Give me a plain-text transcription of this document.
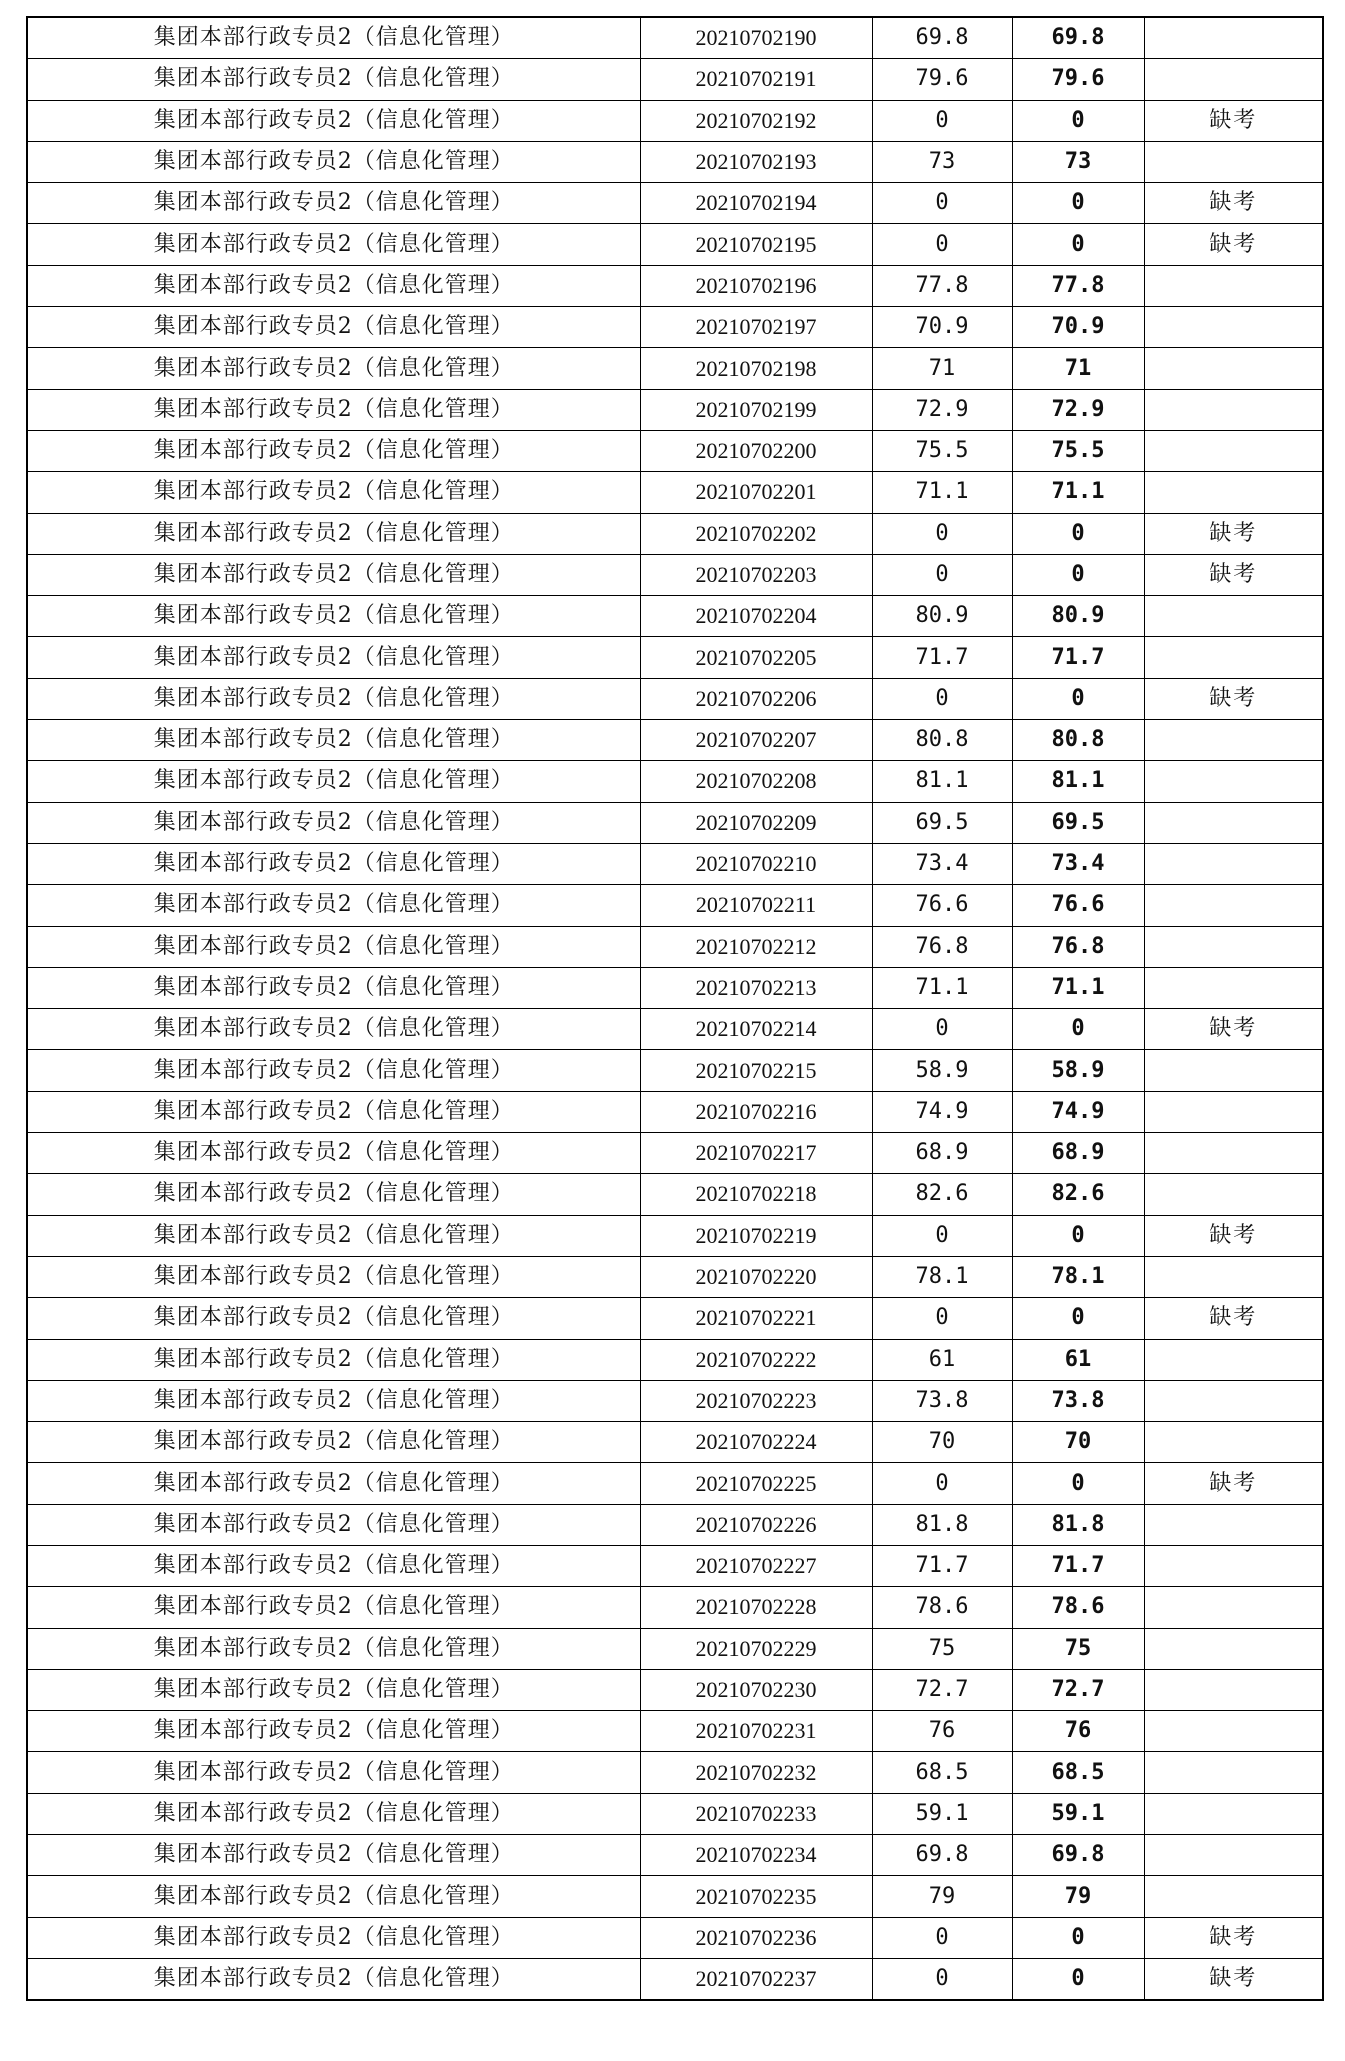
集团本部行政专员2（信息化管理）	20210702190	69.8	69.8	
集团本部行政专员2（信息化管理）	20210702191	79.6	79.6	
集团本部行政专员2（信息化管理）	20210702192	0	0	缺考
集团本部行政专员2（信息化管理）	20210702193	73	73	
集团本部行政专员2（信息化管理）	20210702194	0	0	缺考
集团本部行政专员2（信息化管理）	20210702195	0	0	缺考
集团本部行政专员2（信息化管理）	20210702196	77.8	77.8	
集团本部行政专员2（信息化管理）	20210702197	70.9	70.9	
集团本部行政专员2（信息化管理）	20210702198	71	71	
集团本部行政专员2（信息化管理）	20210702199	72.9	72.9	
集团本部行政专员2（信息化管理）	20210702200	75.5	75.5	
集团本部行政专员2（信息化管理）	20210702201	71.1	71.1	
集团本部行政专员2（信息化管理）	20210702202	0	0	缺考
集团本部行政专员2（信息化管理）	20210702203	0	0	缺考
集团本部行政专员2（信息化管理）	20210702204	80.9	80.9	
集团本部行政专员2（信息化管理）	20210702205	71.7	71.7	
集团本部行政专员2（信息化管理）	20210702206	0	0	缺考
集团本部行政专员2（信息化管理）	20210702207	80.8	80.8	
集团本部行政专员2（信息化管理）	20210702208	81.1	81.1	
集团本部行政专员2（信息化管理）	20210702209	69.5	69.5	
集团本部行政专员2（信息化管理）	20210702210	73.4	73.4	
集团本部行政专员2（信息化管理）	20210702211	76.6	76.6	
集团本部行政专员2（信息化管理）	20210702212	76.8	76.8	
集团本部行政专员2（信息化管理）	20210702213	71.1	71.1	
集团本部行政专员2（信息化管理）	20210702214	0	0	缺考
集团本部行政专员2（信息化管理）	20210702215	58.9	58.9	
集团本部行政专员2（信息化管理）	20210702216	74.9	74.9	
集团本部行政专员2（信息化管理）	20210702217	68.9	68.9	
集团本部行政专员2（信息化管理）	20210702218	82.6	82.6	
集团本部行政专员2（信息化管理）	20210702219	0	0	缺考
集团本部行政专员2（信息化管理）	20210702220	78.1	78.1	
集团本部行政专员2（信息化管理）	20210702221	0	0	缺考
集团本部行政专员2（信息化管理）	20210702222	61	61	
集团本部行政专员2（信息化管理）	20210702223	73.8	73.8	
集团本部行政专员2（信息化管理）	20210702224	70	70	
集团本部行政专员2（信息化管理）	20210702225	0	0	缺考
集团本部行政专员2（信息化管理）	20210702226	81.8	81.8	
集团本部行政专员2（信息化管理）	20210702227	71.7	71.7	
集团本部行政专员2（信息化管理）	20210702228	78.6	78.6	
集团本部行政专员2（信息化管理）	20210702229	75	75	
集团本部行政专员2（信息化管理）	20210702230	72.7	72.7	
集团本部行政专员2（信息化管理）	20210702231	76	76	
集团本部行政专员2（信息化管理）	20210702232	68.5	68.5	
集团本部行政专员2（信息化管理）	20210702233	59.1	59.1	
集团本部行政专员2（信息化管理）	20210702234	69.8	69.8	
集团本部行政专员2（信息化管理）	20210702235	79	79	
集团本部行政专员2（信息化管理）	20210702236	0	0	缺考
集团本部行政专员2（信息化管理）	20210702237	0	0	缺考
